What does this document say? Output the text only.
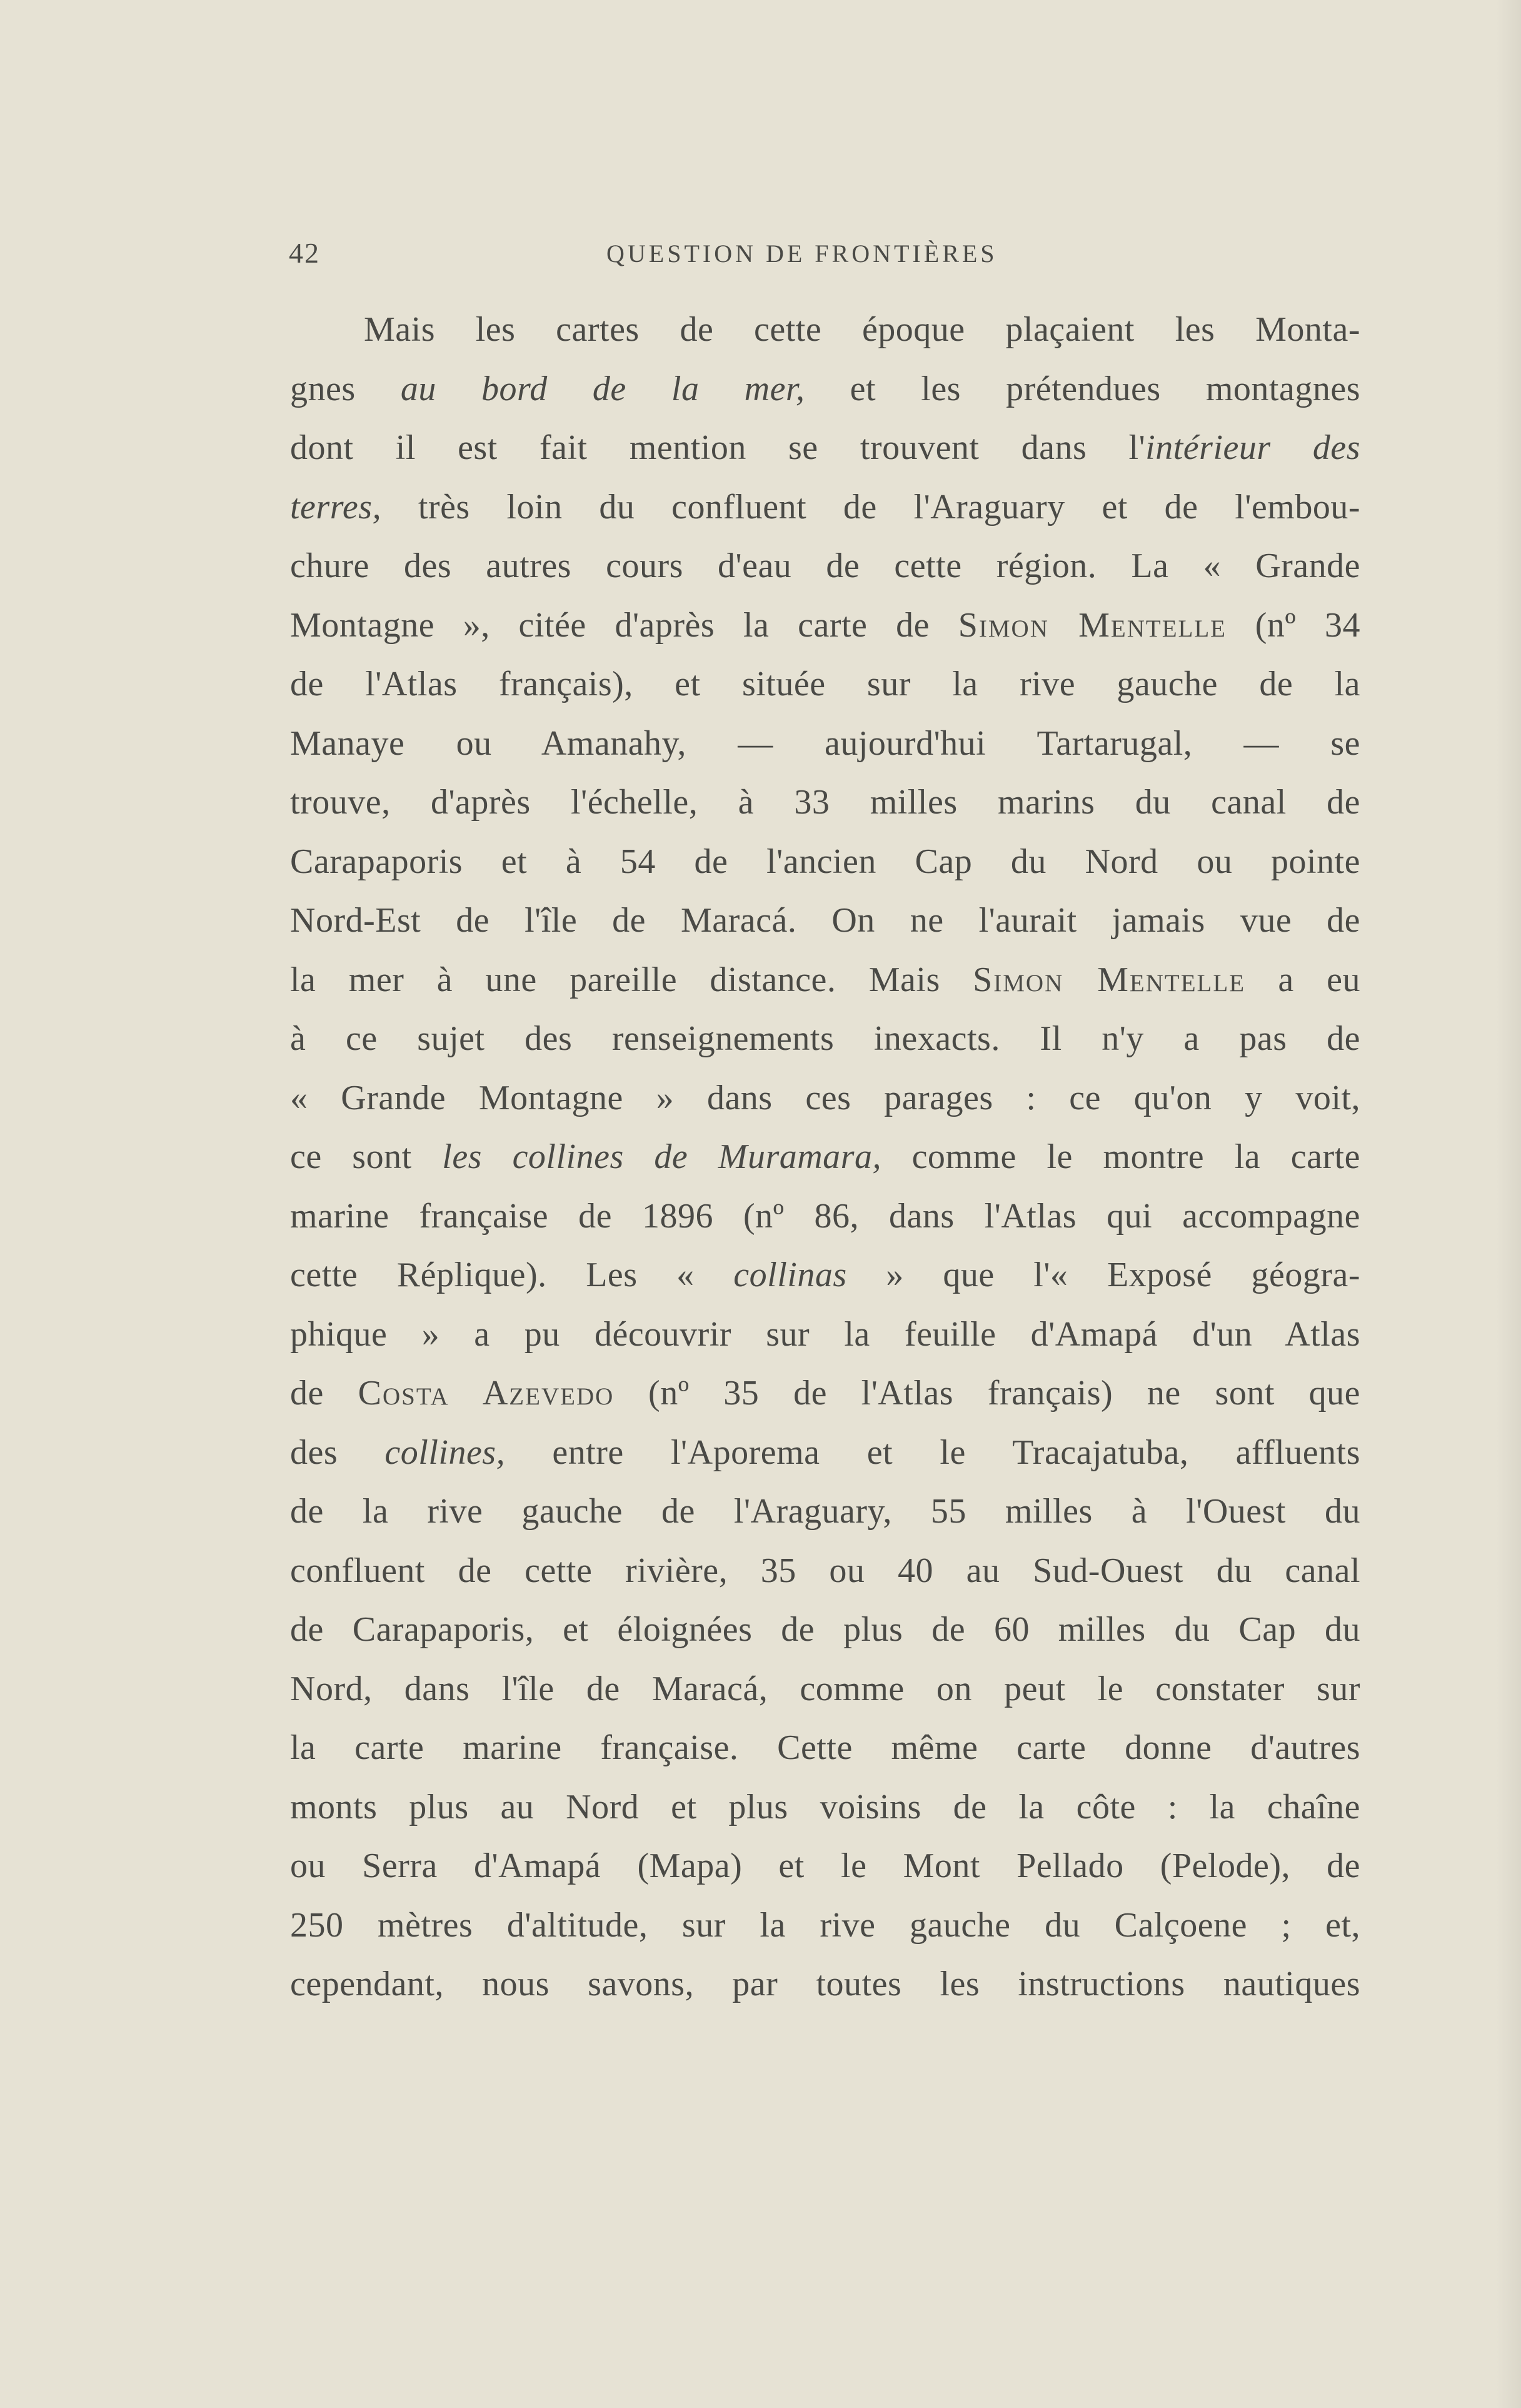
42	QUESTION DE FRONTIÈRES
Mais les cartes de cette époque plaçaient les Monta-
gnes au bord de la mer, et les prétendues montagnes
dont il est fait mention se trouvent dans l'intérieur des
terres, très loin du confluent de l'Araguary et de l'embou-
chure des autres cours d'eau de cette région. La « Grande
Montagne », citée d'après la carte de Simon Mentelle (nº 34
de l'Atlas français), et située sur la rive gauche de la
Manaye ou Amanahy, — aujourd'hui Tartarugal, — se
trouve, d'après l'échelle, à 33 milles marins du canal de
Carapaporis et à 54 de l'ancien Cap du Nord ou pointe
Nord-Est de l'île de Maracá. On ne l'aurait jamais vue de
la mer à une pareille distance. Mais Simon Mentelle a eu
à ce sujet des renseignements inexacts. Il n'y a pas de
« Grande Montagne » dans ces parages : ce qu'on y voit,
ce sont les collines de Muramara, comme le montre la carte
marine française de 1896 (nº 86, dans l'Atlas qui accompagne
cette Réplique). Les « collinas » que l'« Exposé géogra-
phique » a pu découvrir sur la feuille d'Amapá d'un Atlas
de Costa Azevedo (nº 35 de l'Atlas français) ne sont que
des collines, entre l'Aporema et le Tracajatuba, affluents
de la rive gauche de l'Araguary, 55 milles à l'Ouest du
confluent de cette rivière, 35 ou 40 au Sud-Ouest du canal
de Carapaporis, et éloignées de plus de 60 milles du Cap du
Nord, dans l'île de Maracá, comme on peut le constater sur
la carte marine française. Cette même carte donne d'autres
monts plus au Nord et plus voisins de la côte : la chaîne
ou Serra d'Amapá (Mapa) et le Mont Pellado (Pelode), de
250 mètres d'altitude, sur la rive gauche du Calçoene ; et,
cependant, nous savons, par toutes les instructions nautiques
